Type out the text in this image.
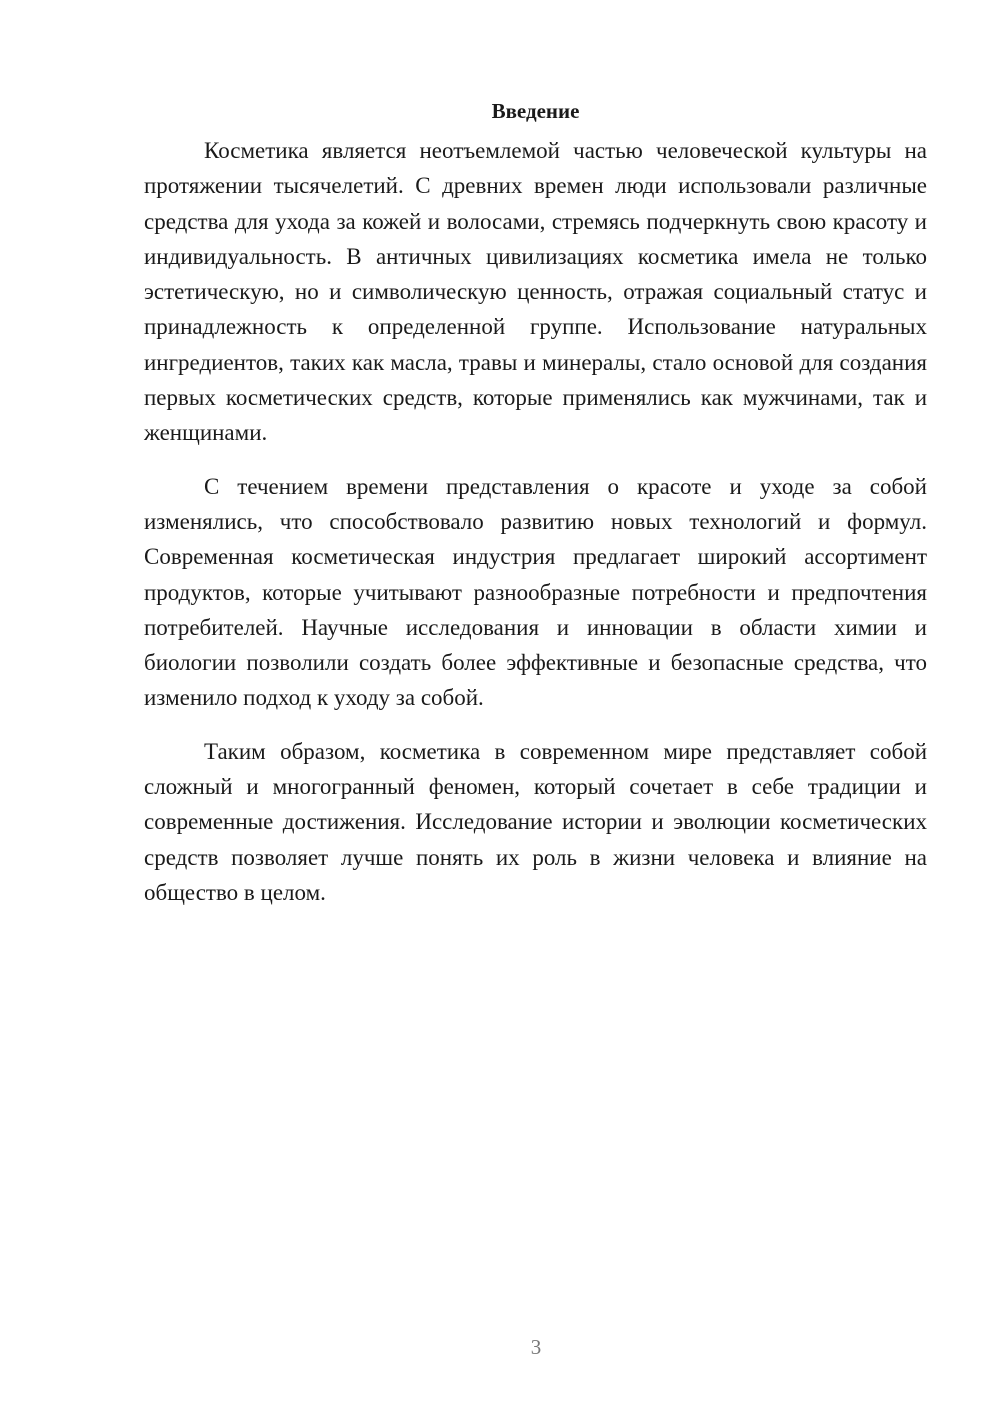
Введение

Косметика является неотъемлемой частью человеческой культуры на протяжении тысячелетий. С древних времен люди использовали различные средства для ухода за кожей и волосами, стремясь подчеркнуть свою красоту и индивидуальность. В античных цивилизациях косметика имела не только эстетическую, но и символическую ценность, отражая социальный статус и принадлежность к определенной группе. Использование натуральных ингредиентов, таких как масла, травы и минералы, стало основой для создания первых косметических средств, которые применялись как мужчинами, так и женщинами.

С течением времени представления о красоте и уходе за собой изменялись, что способствовало развитию новых технологий и формул. Современная косметическая индустрия предлагает широкий ассортимент продуктов, которые учитывают разнообразные потребности и предпочтения потребителей. Научные исследования и инновации в области химии и биологии позволили создать более эффективные и безопасные средства, что изменило подход к уходу за собой.

Таким образом, косметика в современном мире представляет собой сложный и многогранный феномен, который сочетает в себе традиции и современные достижения. Исследование истории и эволюции косметических средств позволяет лучше понять их роль в жизни человека и влияние на общество в целом.

3
